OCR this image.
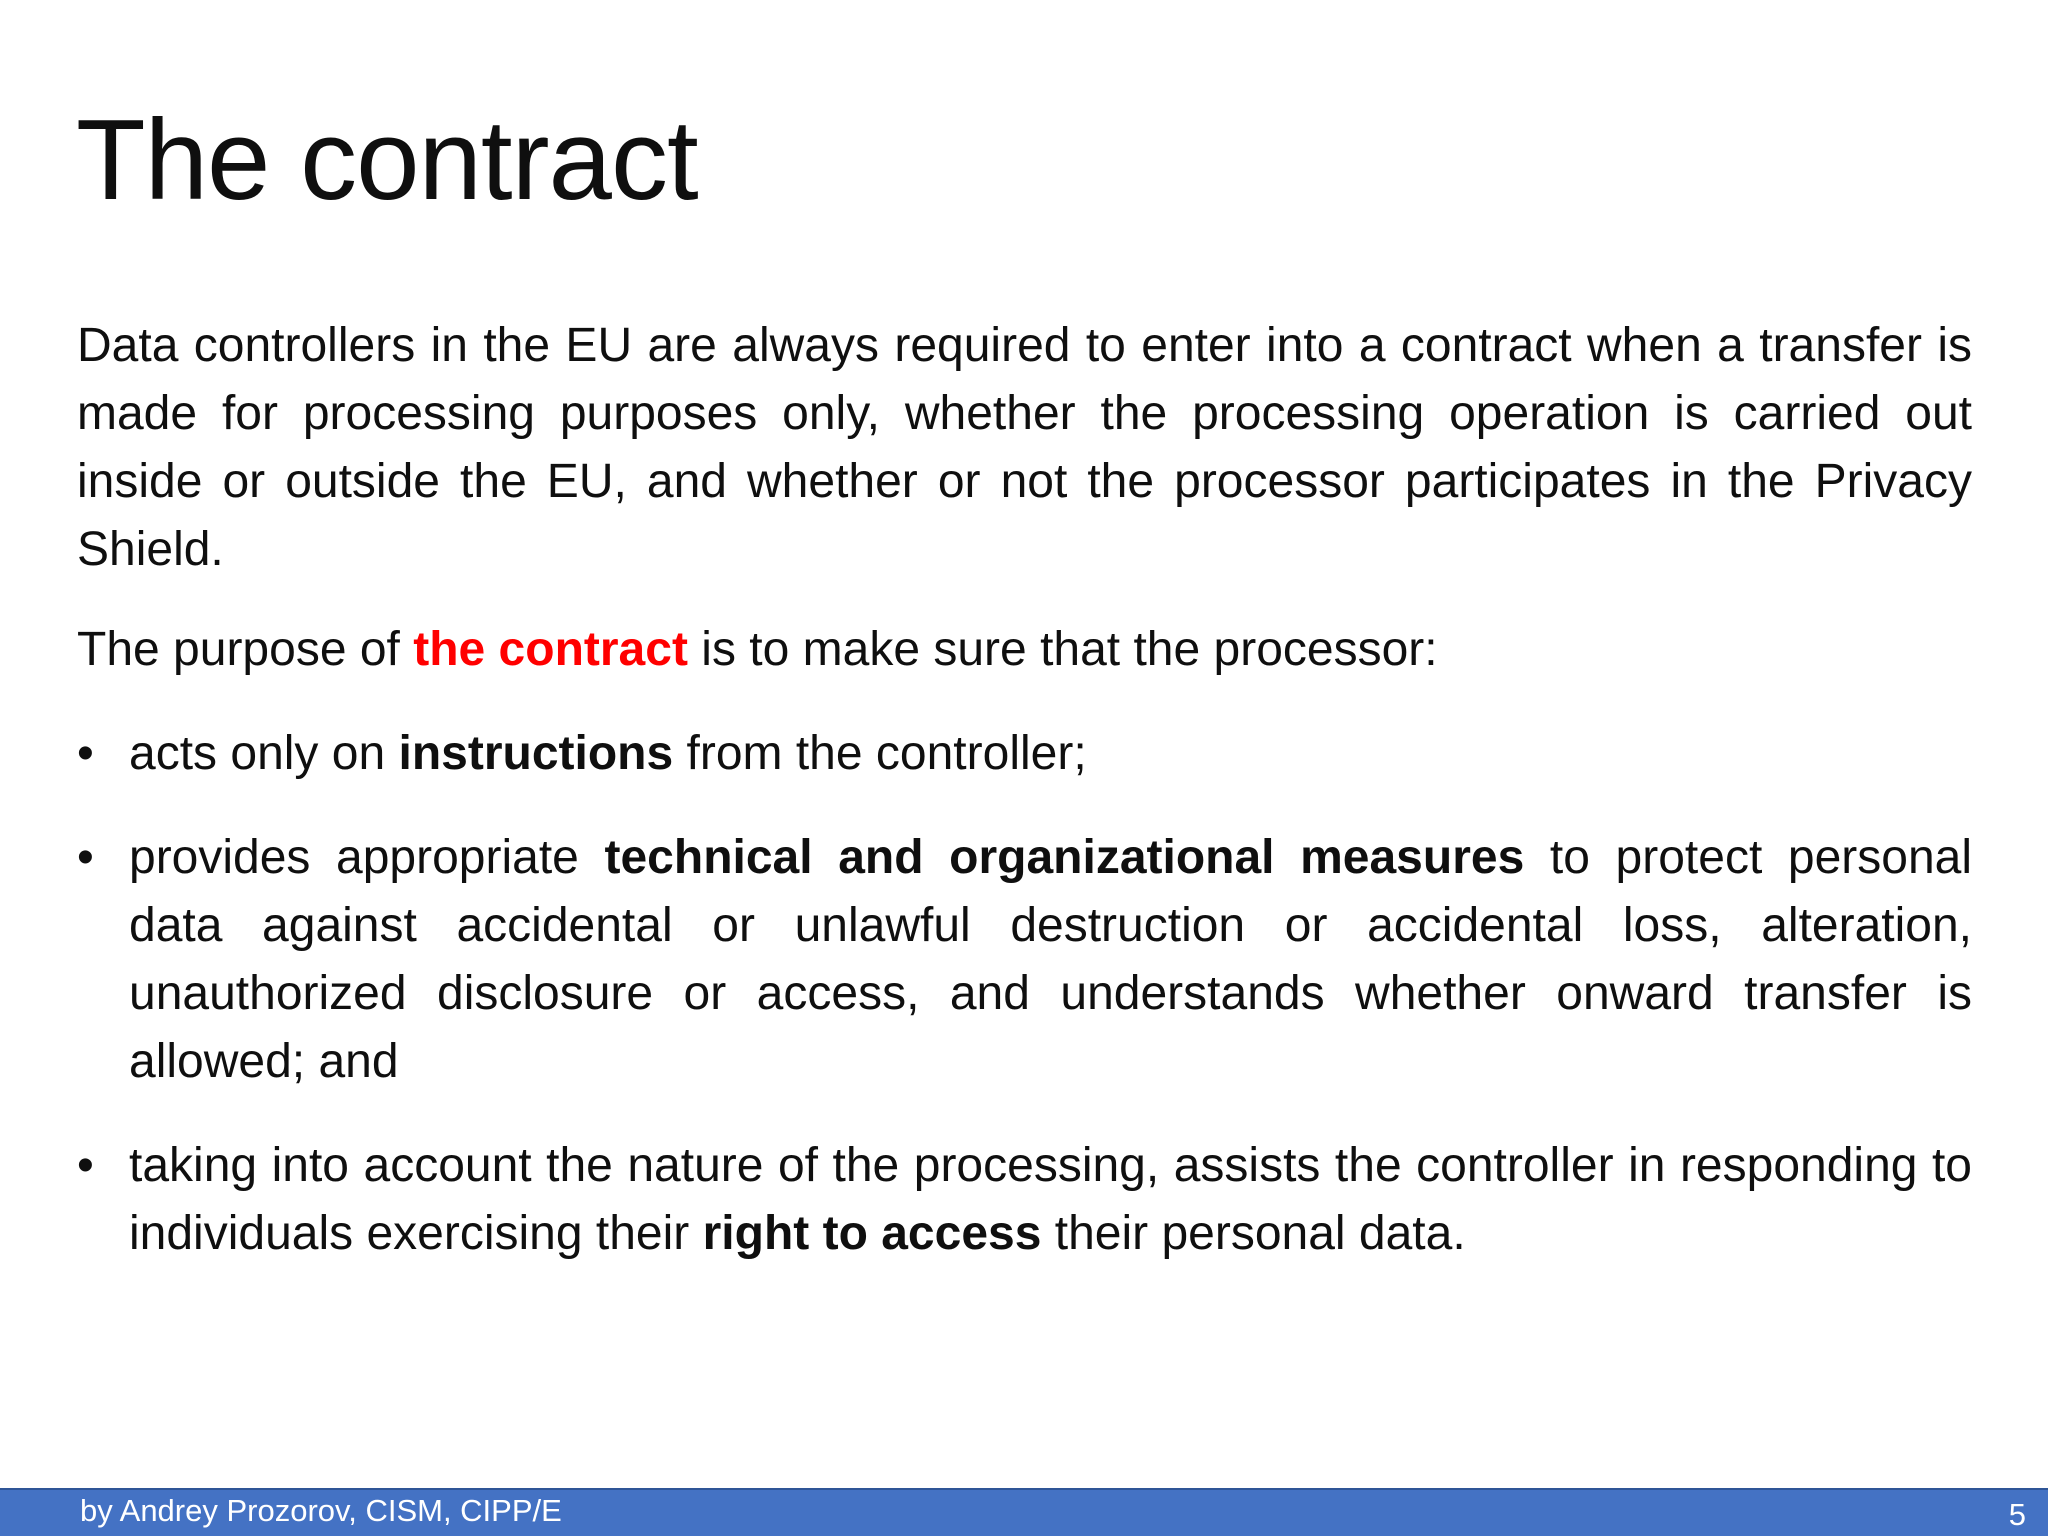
The contract

Data controllers in the EU are always required to enter into a contract when a transfer is made for processing purposes only, whether the processing operation is carried out inside or outside the EU, and whether or not the processor participates in the Privacy Shield.

The purpose of the contract is to make sure that the processor:

• acts only on instructions from the controller;
• provides appropriate technical and organizational measures to protect personal data against accidental or unlawful destruction or accidental loss, alteration, unauthorized disclosure or access, and understands whether onward transfer is allowed; and
• taking into account the nature of the processing, assists the controller in responding to individuals exercising their right to access their personal data.
by Andrey Prozorov, CISM, CIPP/E	5
